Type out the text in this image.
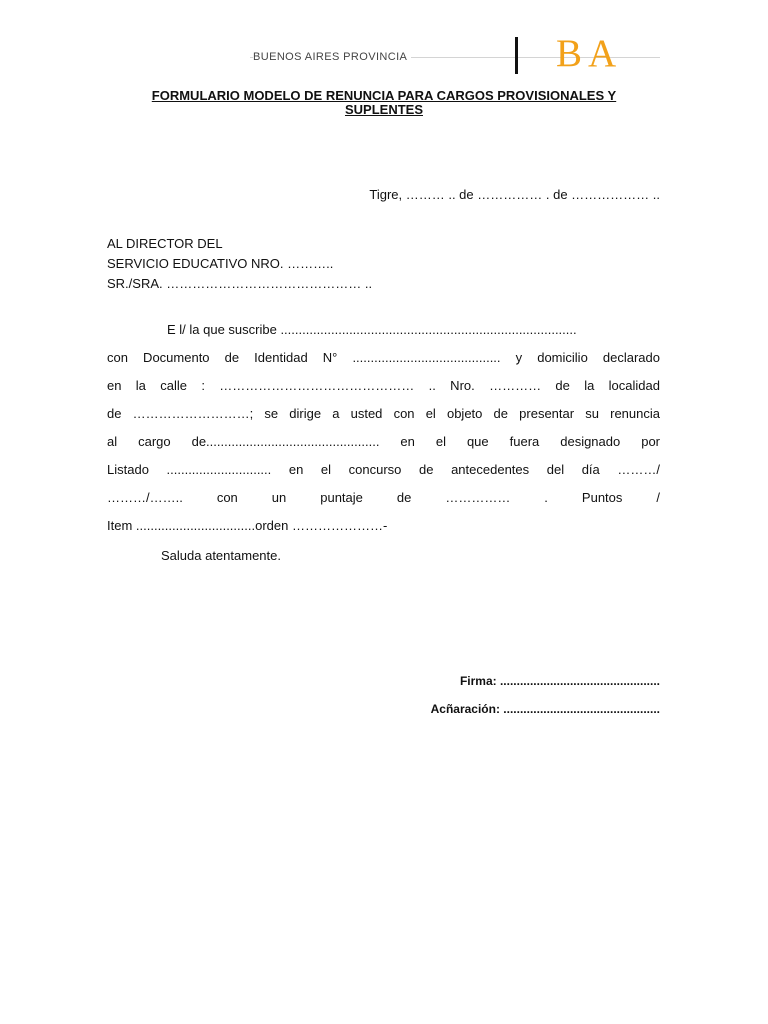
BUENOS AIRES PROVINCIA	BA
FORMULARIO MODELO DE RENUNCIA PARA CARGOS PROVISIONALES Y
SUPLENTES
Tigre, ……… .. de …………… . de ……………… ..
AL DIRECTOR DEL
SERVICIO EDUCATIVO NRO. ………..
SR./SRA. ……………………………………… ..
E l/ la que suscribe ..................................................................................
con Documento de Identidad N° ......................................... y domicilio declarado
en la calle : ……………………………………… .. Nro. ………… de la localidad
de ………………………; se dirige a usted con el objeto de presentar su renuncia
al cargo de................................................ en el que fuera designado por
Listado ............................. en el concurso de antecedentes del día ………/
………/…….. con un puntaje de …………… . Puntos /
Item .................................orden …………………-
Saluda atentamente.
Firma: ................................................
Acñaración: ...............................................
